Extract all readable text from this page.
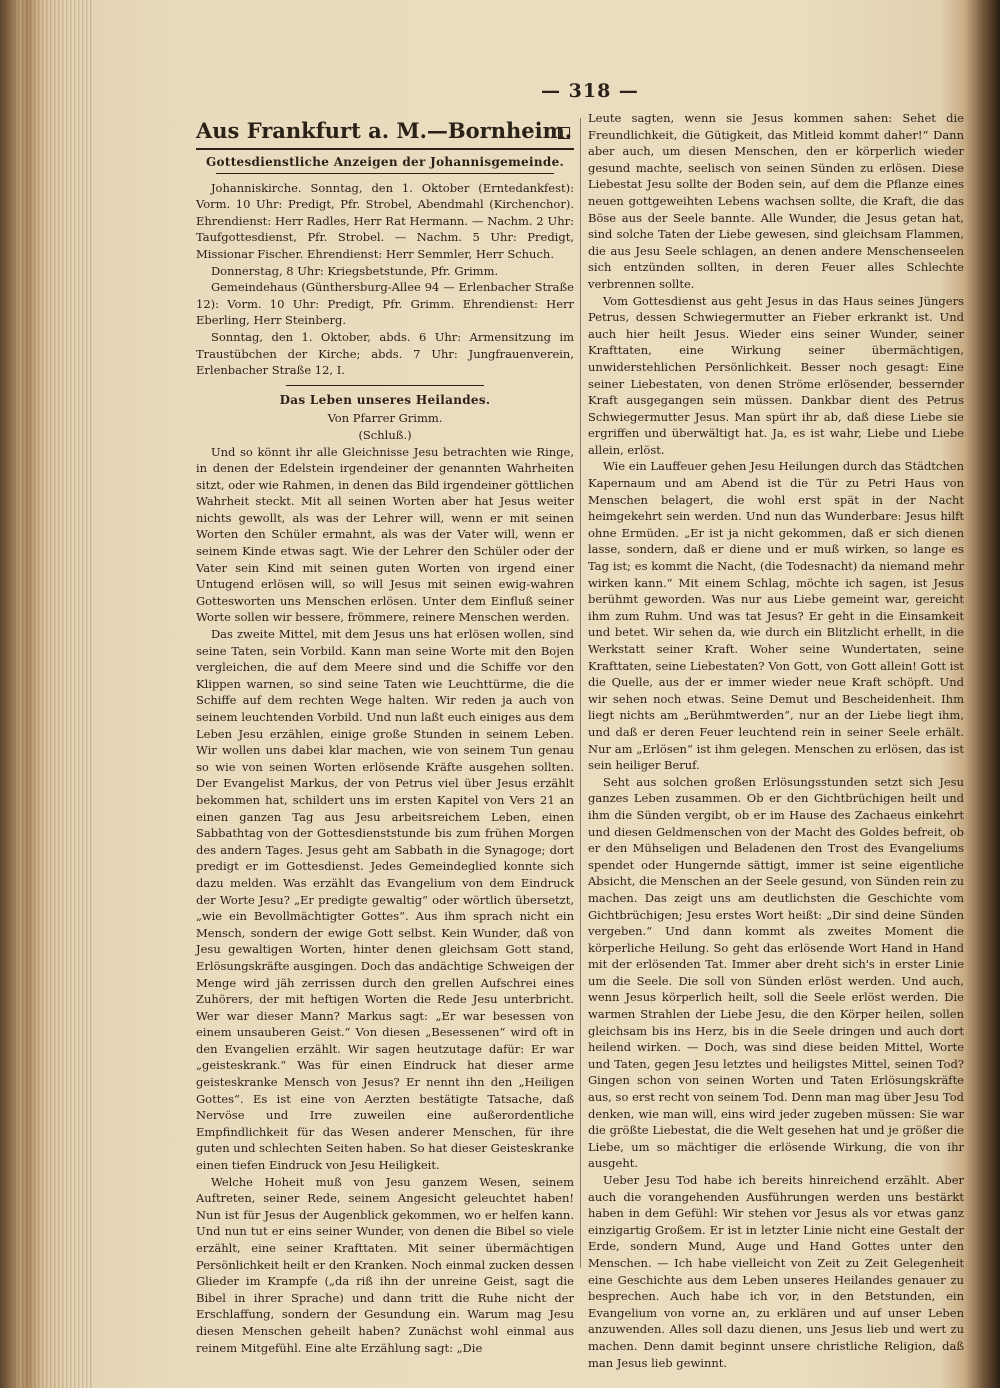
— 318 —
Aus Frankfurt a. M.—Bornheim.
Gottesdienstliche Anzeigen der Johannisgemeinde.

Johanniskirche. Sonntag, den 1. Oktober (Erntedankfest): Vorm. 10 Uhr: Predigt, Pfr. Strobel, Abendmahl (Kirchenchor). Ehrendienst: Herr Radles, Herr Rat Hermann. — Nachm. 2 Uhr: Taufgottesdienst, Pfr. Strobel. — Nachm. 5 Uhr: Predigt, Missionar Fischer. Ehrendienst: Herr Semmler, Herr Schuch.

Donnerstag, 8 Uhr: Kriegsbetstunde, Pfr. Grimm.

Gemeindehaus (Günthersburg-Allee 94 — Erlenbacher Straße 12): Vorm. 10 Uhr: Predigt, Pfr. Grimm. Ehrendienst: Herr Eberling, Herr Steinberg.

Sonntag, den 1. Oktober, abds. 6 Uhr: Armensitzung im Traustübchen der Kirche; abds. 7 Uhr: Jungfrauenverein, Erlenbacher Straße 12, I.

Das Leben unseres Heilandes.

Von Pfarrer Grimm.

(Schluß.)

Und so könnt ihr alle Gleichnisse Jesu betrachten wie Ringe, in denen der Edelstein irgendeiner der genannten Wahrheiten sitzt, oder wie Rahmen, in denen das Bild irgendeiner göttlichen Wahrheit steckt. Mit all seinen Worten aber hat Jesus weiter nichts gewollt, als was der Lehrer will, wenn er mit seinen Worten den Schüler ermahnt, als was der Vater will, wenn er seinem Kinde etwas sagt. Wie der Lehrer den Schüler oder der Vater sein Kind mit seinen guten Worten von irgend einer Untugend erlösen will, so will Jesus mit seinen ewig-wahren Gottesworten uns Menschen erlösen. Unter dem Einfluß seiner Worte sollen wir bessere, frömmere, reinere Menschen werden.

Das zweite Mittel, mit dem Jesus uns hat erlösen wollen, sind seine Taten, sein Vorbild. Kann man seine Worte mit den Bojen vergleichen, die auf dem Meere sind und die Schiffe vor den Klippen warnen, so sind seine Taten wie Leuchttürme, die die Schiffe auf dem rechten Wege halten. Wir reden ja auch von seinem leuchtenden Vorbild. Und nun laßt euch einiges aus dem Leben Jesu erzählen, einige große Stunden in seinem Leben. Wir wollen uns dabei klar machen, wie von seinem Tun genau so wie von seinen Worten erlösende Kräfte ausgehen sollten. Der Evangelist Markus, der von Petrus viel über Jesus erzählt bekommen hat, schildert uns im ersten Kapitel von Vers 21 an einen ganzen Tag aus Jesu arbeitsreichem Leben, einen Sabbathtag von der Gottesdienststunde bis zum frühen Morgen des andern Tages. Jesus geht am Sabbath in die Synagoge; dort predigt er im Gottesdienst. Jedes Gemeindeglied konnte sich dazu melden. Was erzählt das Evangelium von dem Eindruck der Worte Jesu? „Er predigte gewaltig“ oder wörtlich übersetzt, „wie ein Bevollmächtigter Gottes“. Aus ihm sprach nicht ein Mensch, sondern der ewige Gott selbst. Kein Wunder, daß von Jesu gewaltigen Worten, hinter denen gleichsam Gott stand, Erlösungskräfte ausgingen. Doch das andächtige Schweigen der Menge wird jäh zerrissen durch den grellen Aufschrei eines Zuhörers, der mit heftigen Worten die Rede Jesu unterbricht. Wer war dieser Mann? Markus sagt: „Er war besessen von einem unsauberen Geist.“ Von diesen „Besessenen“ wird oft in den Evangelien erzählt. Wir sagen heutzutage dafür: Er war „geisteskrank.“ Was für einen Eindruck hat dieser arme geisteskranke Mensch von Jesus? Er nennt ihn den „Heiligen Gottes“. Es ist eine von Aerzten bestätigte Tatsache, daß Nervöse und Irre zuweilen eine außerordentliche Empfindlichkeit für das Wesen anderer Menschen, für ihre guten und schlechten Seiten haben. So hat dieser Geisteskranke einen tiefen Eindruck von Jesu Heiligkeit.

Welche Hoheit muß von Jesu ganzem Wesen, seinem Auftreten, seiner Rede, seinem Angesicht geleuchtet haben! Nun ist für Jesus der Augenblick gekommen, wo er helfen kann. Und nun tut er eins seiner Wunder, von denen die Bibel so viele erzählt, eine seiner Krafttaten. Mit seiner übermächtigen Persönlichkeit heilt er den Kranken. Noch einmal zucken dessen Glieder im Krampfe („da riß ihn der unreine Geist, sagt die Bibel in ihrer Sprache) und dann tritt die Ruhe nicht der Erschlaffung, sondern der Gesundung ein. Warum mag Jesu diesen Menschen geheilt haben? Zunächst wohl einmal aus reinem Mitgefühl. Eine alte Erzählung sagt: „Die

Leute sagten, wenn sie Jesus kommen sahen: Sehet die Freundlichkeit, die Gütigkeit, das Mitleid kommt daher!“ Dann aber auch, um diesen Menschen, den er körperlich wieder gesund machte, seelisch von seinen Sünden zu erlösen. Diese Liebestat Jesu sollte der Boden sein, auf dem die Pflanze eines neuen gottgeweihten Lebens wachsen sollte, die Kraft, die das Böse aus der Seele bannte. Alle Wunder, die Jesus getan hat, sind solche Taten der Liebe gewesen, sind gleichsam Flammen, die aus Jesu Seele schlagen, an denen andere Menschenseelen sich entzünden sollten, in deren Feuer alles Schlechte verbrennen sollte.

Vom Gottesdienst aus geht Jesus in das Haus seines Jüngers Petrus, dessen Schwiegermutter an Fieber erkrankt ist. Und auch hier heilt Jesus. Wieder eins seiner Wunder, seiner Krafttaten, eine Wirkung seiner übermächtigen, unwiderstehlichen Persönlichkeit. Besser noch gesagt: Eine seiner Liebestaten, von denen Ströme erlösender, bessernder Kraft ausgegangen sein müssen. Dankbar dient des Petrus Schwiegermutter Jesus. Man spürt ihr ab, daß diese Liebe sie ergriffen und überwältigt hat. Ja, es ist wahr, Liebe und Liebe allein, erlöst.

Wie ein Lauffeuer gehen Jesu Heilungen durch das Städtchen Kapernaum und am Abend ist die Tür zu Petri Haus von Menschen belagert, die wohl erst spät in der Nacht heimgekehrt sein werden. Und nun das Wunderbare: Jesus hilft ohne Ermüden. „Er ist ja nicht gekommen, daß er sich dienen lasse, sondern, daß er diene und er muß wirken, so lange es Tag ist; es kommt die Nacht, (die Todesnacht) da niemand mehr wirken kann.“ Mit einem Schlag, möchte ich sagen, ist Jesus berühmt geworden. Was nur aus Liebe gemeint war, gereicht ihm zum Ruhm. Und was tat Jesus? Er geht in die Einsamkeit und betet. Wir sehen da, wie durch ein Blitzlicht erhellt, in die Werkstatt seiner Kraft. Woher seine Wundertaten, seine Krafttaten, seine Liebestaten? Von Gott, von Gott allein! Gott ist die Quelle, aus der er immer wieder neue Kraft schöpft. Und wir sehen noch etwas. Seine Demut und Bescheidenheit. Ihm liegt nichts am „Berühmtwerden“, nur an der Liebe liegt ihm, und daß er deren Feuer leuchtend rein in seiner Seele erhält. Nur am „Erlösen“ ist ihm gelegen. Menschen zu erlösen, das ist sein heiliger Beruf.

Seht aus solchen großen Erlösungsstunden setzt sich Jesu ganzes Leben zusammen. Ob er den Gichtbrüchigen heilt und ihm die Sünden vergibt, ob er im Hause des Zachaeus einkehrt und diesen Geldmenschen von der Macht des Goldes befreit, ob er den Mühseligen und Beladenen den Trost des Evangeliums spendet oder Hungernde sättigt, immer ist seine eigentliche Absicht, die Menschen an der Seele gesund, von Sünden rein zu machen. Das zeigt uns am deutlichsten die Geschichte vom Gichtbrüchigen; Jesu erstes Wort heißt: „Dir sind deine Sünden vergeben.“ Und dann kommt als zweites Moment die körperliche Heilung. So geht das erlösende Wort Hand in Hand mit der erlösenden Tat. Immer aber dreht sich's in erster Linie um die Seele. Die soll von Sünden erlöst werden. Und auch, wenn Jesus körperlich heilt, soll die Seele erlöst werden. Die warmen Strahlen der Liebe Jesu, die den Körper heilen, sollen gleichsam bis ins Herz, bis in die Seele dringen und auch dort heilend wirken. — Doch, was sind diese beiden Mittel, Worte und Taten, gegen Jesu letztes und heiligstes Mittel, seinen Tod? Gingen schon von seinen Worten und Taten Erlösungskräfte aus, so erst recht von seinem Tod. Denn man mag über Jesu Tod denken, wie man will, eins wird jeder zugeben müssen: Sie war die größte Liebestat, die die Welt gesehen hat und je größer die Liebe, um so mächtiger die erlösende Wirkung, die von ihr ausgeht.

Ueber Jesu Tod habe ich bereits hinreichend erzählt. Aber auch die vorangehenden Ausführungen werden uns bestärkt haben in dem Gefühl: Wir stehen vor Jesus als vor etwas ganz einzigartig Großem. Er ist in letzter Linie nicht eine Gestalt der Erde, sondern Mund, Auge und Hand Gottes unter den Menschen. — Ich habe vielleicht von Zeit zu Zeit Gelegenheit eine Geschichte aus dem Leben unseres Heilandes genauer zu besprechen. Auch habe ich vor, in den Betstunden, ein Evangelium von vorne an, zu erklären und auf unser Leben anzuwenden. Alles soll dazu dienen, uns Jesus lieb und wert zu machen. Denn damit beginnt unsere christliche Religion, daß man Jesus lieb gewinnt.
